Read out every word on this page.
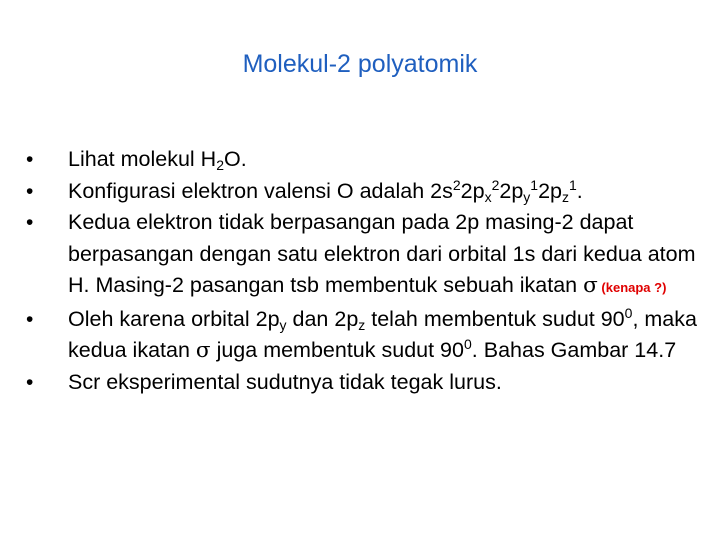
Molekul-2 polyatomik
•	Lihat molekul $H_2O$.
•	Konfigurasi elektron valensi O adalah $2s^22p_x^22p_y^12p_z^1$.
•	Kedua elektron tidak berpasangan pada 2p masing-2 dapat berpasangan dengan satu elektron dari orbital 1s dari kedua atom H. Masing-2 pasangan tsb membentuk sebuah ikatan σ (kenapa ?)
•	Oleh karena orbital $2p_y$ dan $2p_z$ telah membentuk sudut $90^0$, maka kedua ikatan σ juga membentuk sudut $90^0$. Bahas Gambar 14.7
•	Scr eksperimental sudutnya tidak tegak lurus.
